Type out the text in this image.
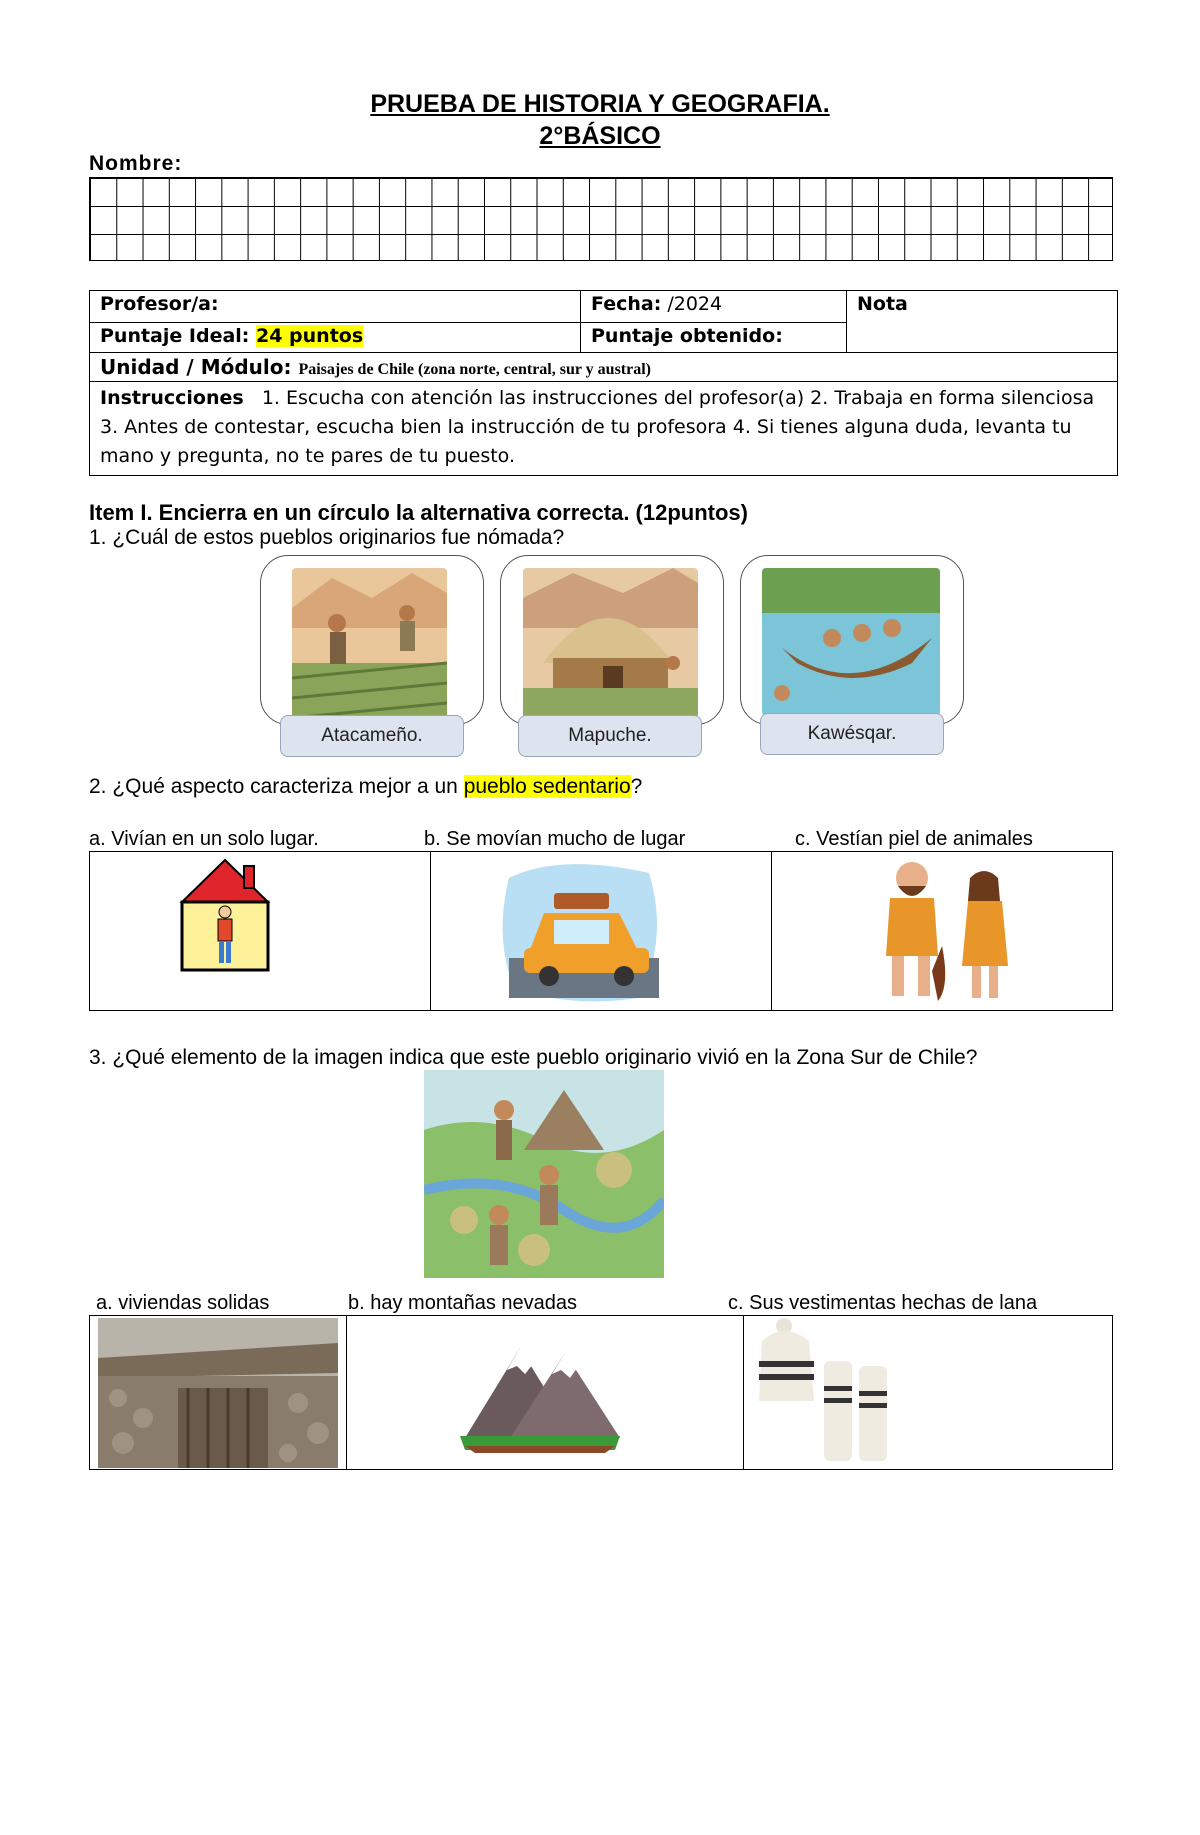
PRUEBA DE HISTORIA Y GEOGRAFIA.
2°BÁSICO
Nombre:
Profesor/a:	Fecha: /2024	Nota
Puntaje Ideal: 24 puntos	Puntaje obtenido:	
Unidad / Módulo: Paisajes de Chile (zona norte, central, sur y austral)		
Instrucciones 1. Escucha con atención las instrucciones del profesor(a) 2. Trabaja en forma silenciosa 3. Antes de contestar, escucha bien la instrucción de tu profesora 4. Si tienes alguna duda, levanta tu mano y pregunta, no te pares de tu puesto.		
Item I. Encierra en un círculo la alternativa correcta. (12puntos)
1. ¿Cuál de estos pueblos originarios fue nómada?
Atacameño.	Mapuche.	Kawésqar.
2. ¿Qué aspecto caracteriza mejor a un pueblo sedentario?
a. Vivían en un solo lugar.	b. Se movían mucho de lugar	c. Vestían piel de animales

3. ¿Qué elemento de la imagen indica que este pueblo originario vivió en la Zona Sur de Chile?
a. viviendas solidas	b. hay montañas nevadas	c. Sus vestimentas hechas de lana
